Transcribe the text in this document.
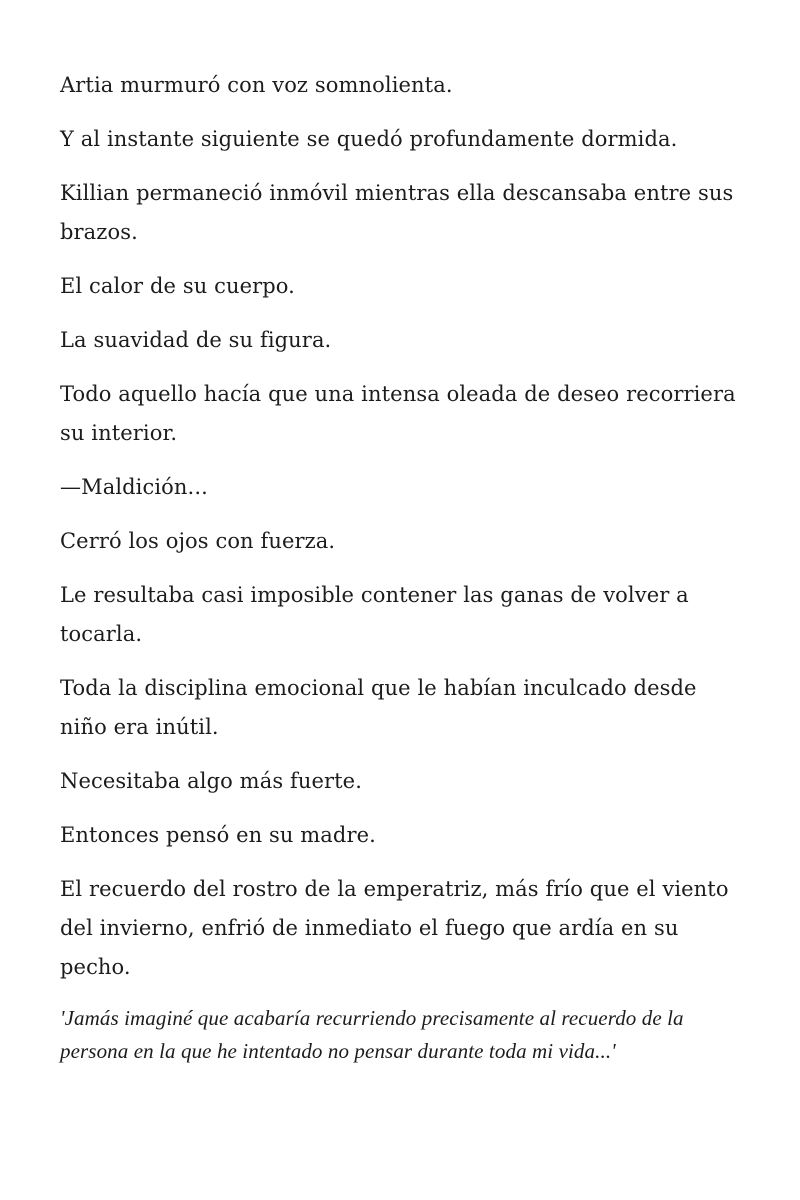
Artia murmuró con voz somnolienta.

Y al instante siguiente se quedó profundamente dormida.

Killian permaneció inmóvil mientras ella descansaba entre sus brazos.

El calor de su cuerpo.

La suavidad de su figura.

Todo aquello hacía que una intensa oleada de deseo recorriera su interior.

—Maldición...

Cerró los ojos con fuerza.

Le resultaba casi imposible contener las ganas de volver a tocarla.

Toda la disciplina emocional que le habían inculcado desde niño era inútil.

Necesitaba algo más fuerte.

Entonces pensó en su madre.

El recuerdo del rostro de la emperatriz, más frío que el viento del invierno, enfrió de inmediato el fuego que ardía en su pecho.

'Jamás imaginé que acabaría recurriendo precisamente al recuerdo de la persona en la que he intentado no pensar durante toda mi vida...'
